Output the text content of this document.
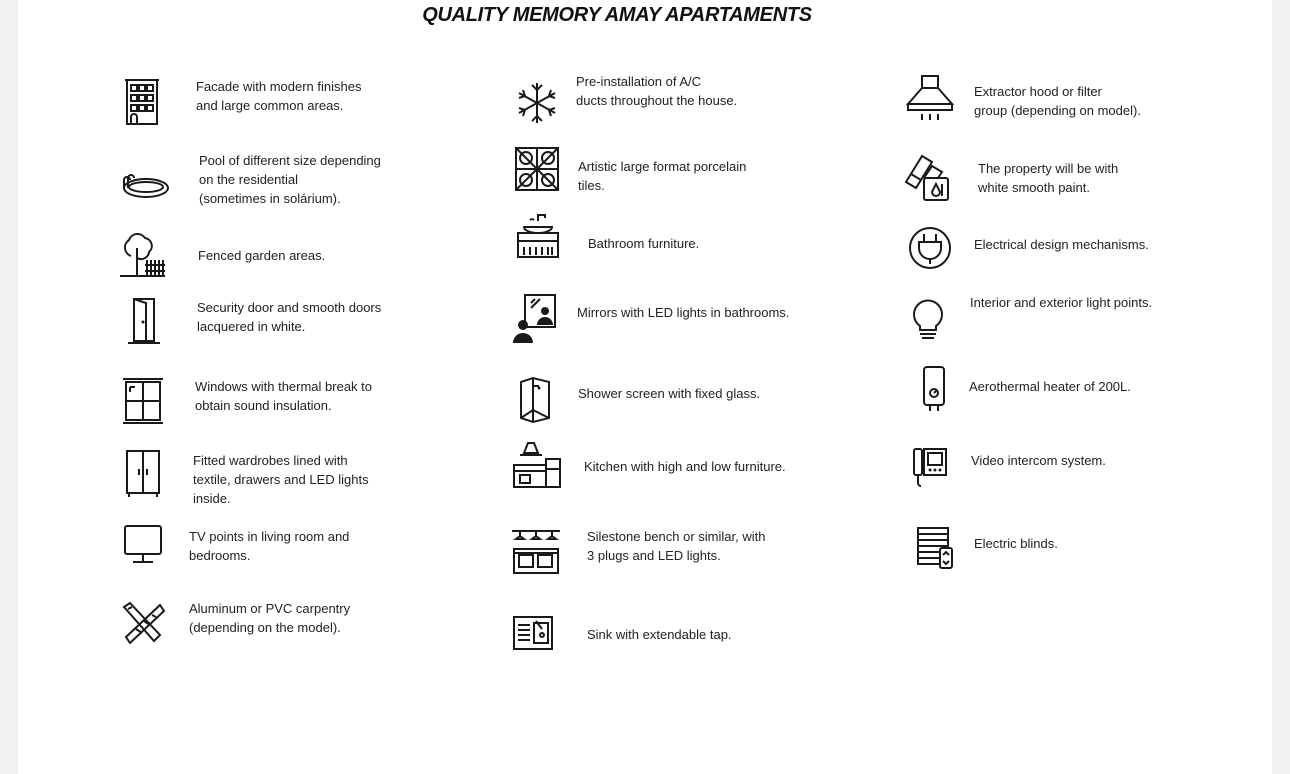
QUALITY MEMORY AMAY APARTAMENTS
Facade with modern finishes
and large common areas.
Pool of different size depending
on the residential
(sometimes in solárium).
Fenced garden areas.
Security door and smooth doors
lacquered in white.
Windows with thermal break to
obtain sound insulation.
Fitted wardrobes lined with
textile, drawers and LED lights
inside.
TV points in living room and
bedrooms.
Aluminum or PVC carpentry
(depending on the model).
Pre-installation of A/C
ducts throughout the house.
Artistic large format porcelain
tiles.
Bathroom furniture.
Mirrors with LED lights in bathrooms.
Shower screen with fixed glass.
Kitchen with high and low furniture.
Silestone bench or similar, with
3 plugs and LED lights.
Sink with extendable tap.
Extractor hood or filter
group (depending on model).
The property will be with
white smooth paint.
Electrical design mechanisms.
Interior and exterior light points.
Aerothermal heater of 200L.
Video intercom system.
Electric blinds.
